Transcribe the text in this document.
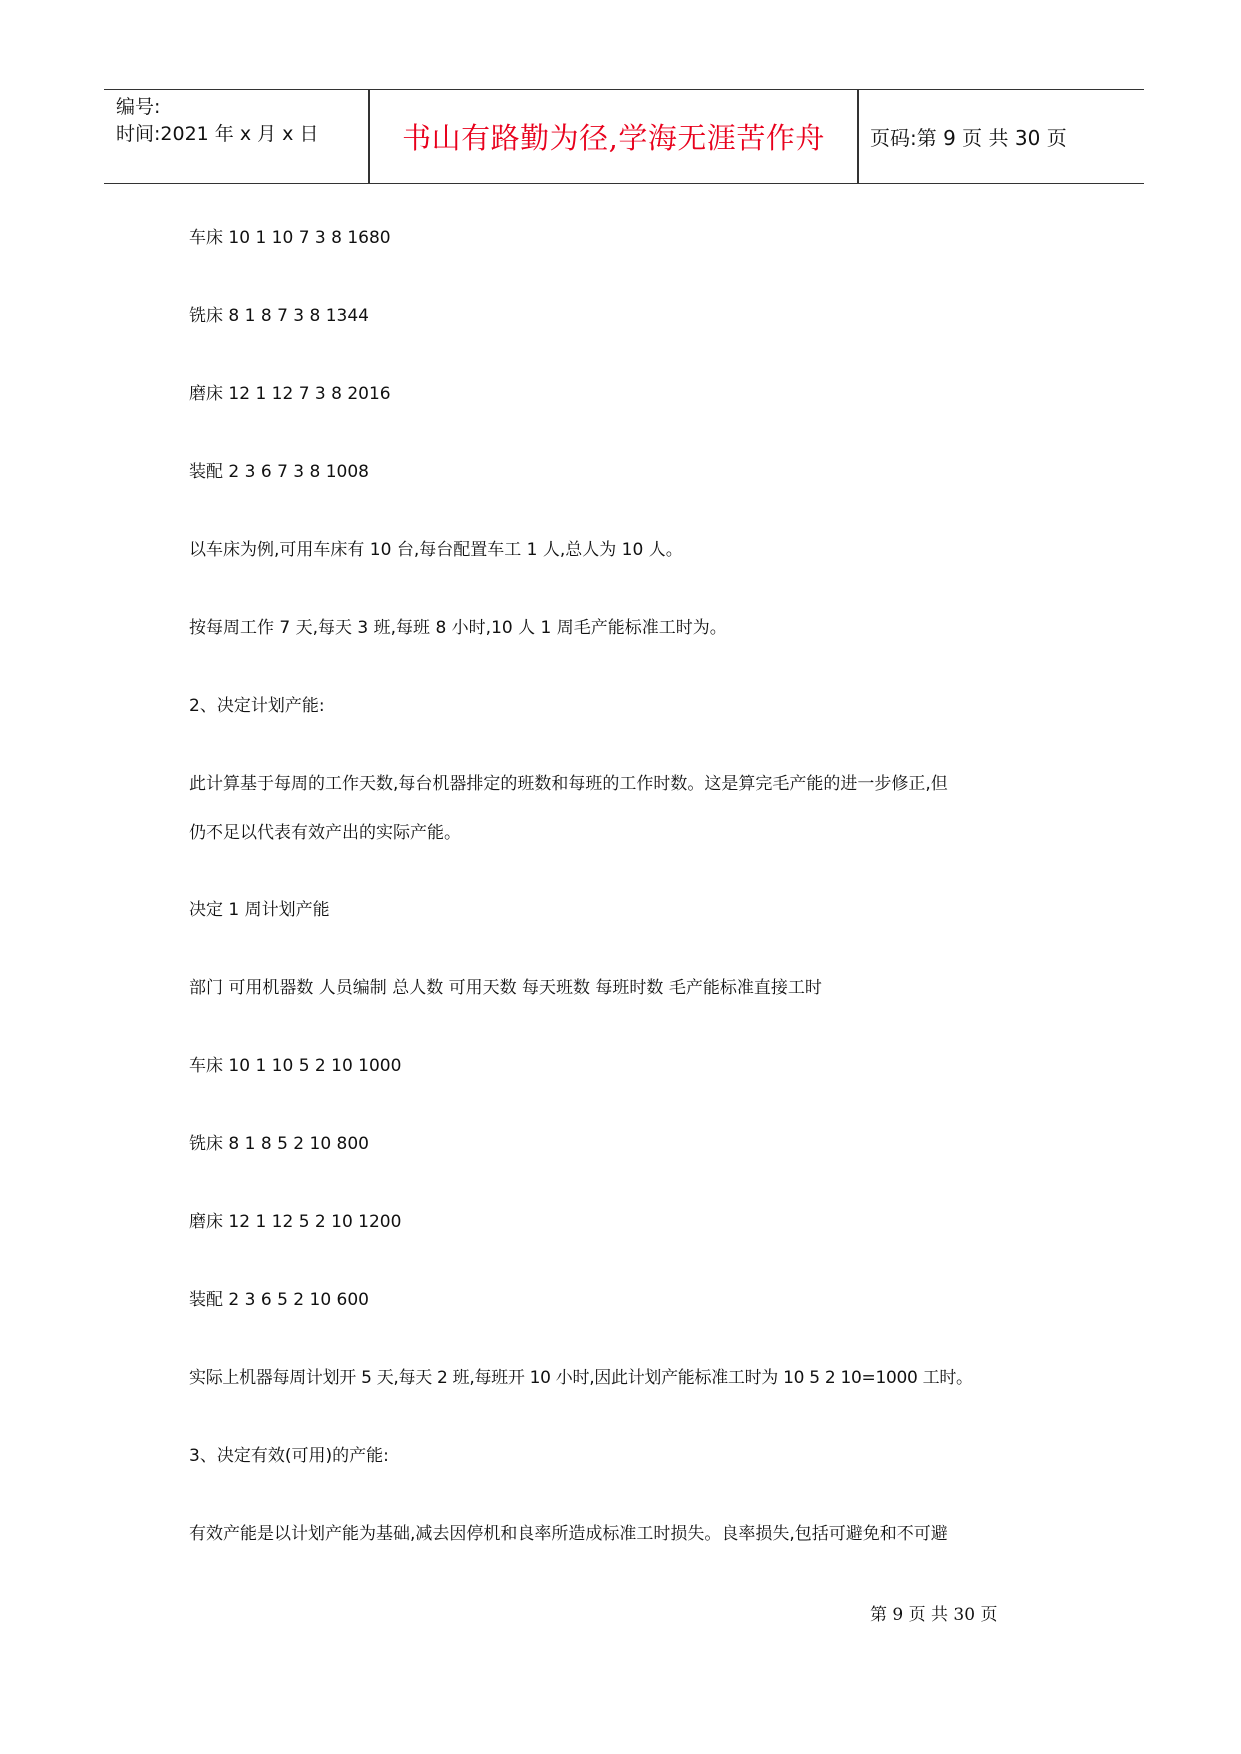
编号:
时间:2021 年 x 月 x 日	书山有路勤为径,学海无涯苦作舟	页码:第 9 页 共 30 页
车床 10 1 10 7 3 8 1680
铣床 8 1 8 7 3 8 1344
磨床 12 1 12 7 3 8 2016
装配 2 3 6 7 3 8 1008
以车床为例,可用车床有 10 台,每台配置车工 1 人,总人为 10 人。
按每周工作 7 天,每天 3 班,每班 8 小时,10 人 1 周毛产能标准工时为。
2、决定计划产能:
此计算基于每周的工作天数,每台机器排定的班数和每班的工作时数。这是算完毛产能的进一步修正,但
仍不足以代表有效产出的实际产能。
决定 1 周计划产能
部门 可用机器数 人员编制 总人数 可用天数 每天班数 每班时数 毛产能标准直接工时
车床 10 1 10 5 2 10 1000
铣床 8 1 8 5 2 10 800
磨床 12 1 12 5 2 10 1200
装配 2 3 6 5 2 10 600
实际上机器每周计划开 5 天,每天 2 班,每班开 10 小时,因此计划产能标准工时为 10 5 2 10=1000 工时。
3、决定有效(可用)的产能:
有效产能是以计划产能为基础,减去因停机和良率所造成标准工时损失。良率损失,包括可避免和不可避
第 9 页 共 30 页
